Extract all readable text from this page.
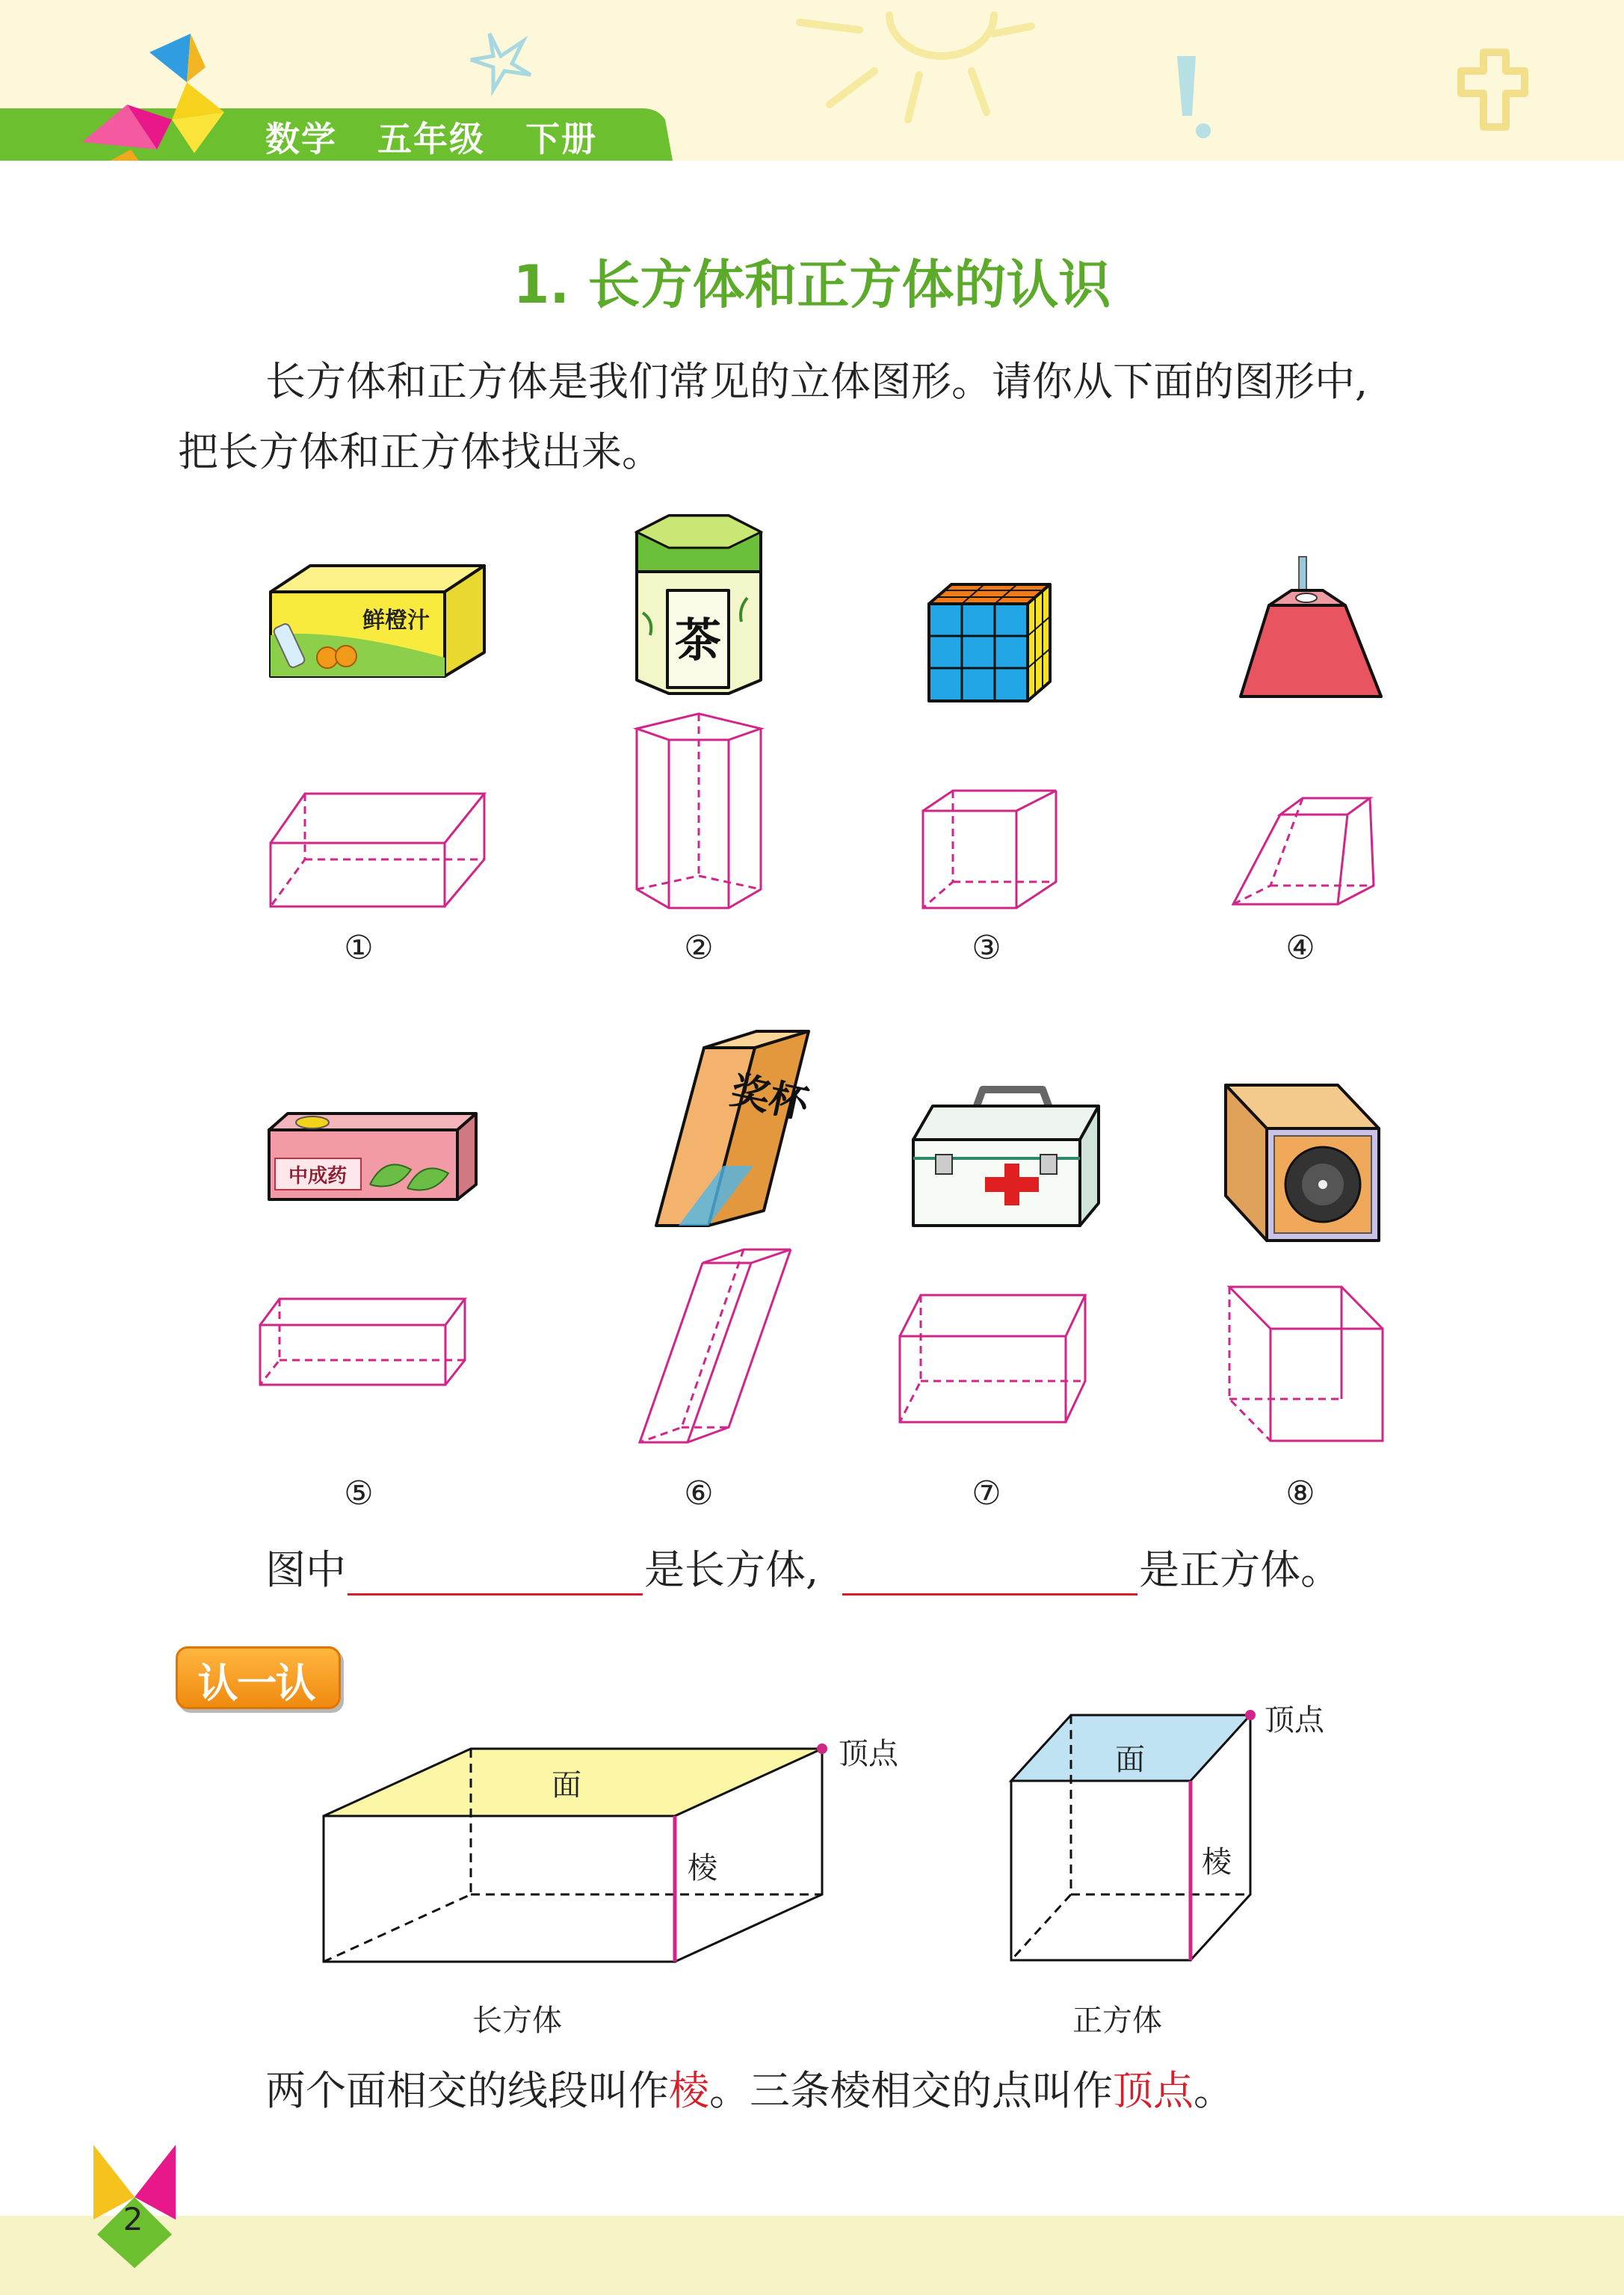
数学   五年级   下册
1. 长方体和正方体的认识
长方体和正方体是我们常见的立体图形。请你从下面的图形中,
把长方体和正方体找出来。
鲜橙汁	茶
中成药
奖杯
①	②	③	④
⑤	⑥	⑦	⑧
图中	是长方体,	是正方体。
认一认
面
棱
顶点
长方体
面
棱
顶点
正方体
两个面相交的线段叫作棱。三条棱相交的点叫作顶点。
2
